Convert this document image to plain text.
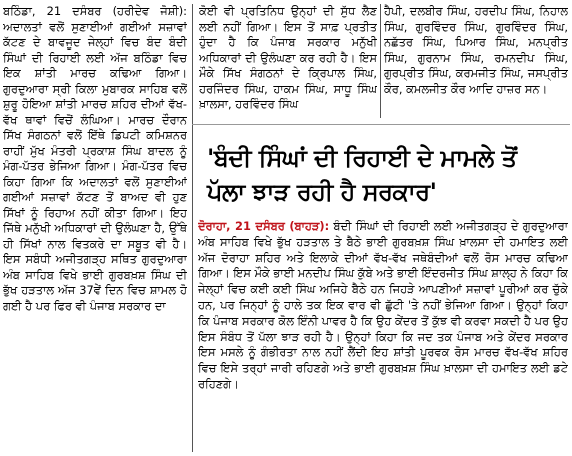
ਬਠਿੰਡਾ, 21 ਦਸੰਬਰ (ਹਰੀਦੇਵ ਜੋਸ਼ੀ): ਅਦਾਲਤਾਂ ਵਲੋਂ ਸੁਣਾਈਆਂ ਗਈਆਂ ਸਜ਼ਾਵਾਂ ਕੱਟਣ ਦੇ ਬਾਵਜੂਦ ਜੇਲ੍ਹਾਂ ਵਿਚ ਬੰਦ ਬੰਦੀ ਸਿੰਘਾਂ ਦੀ ਰਿਹਾਈ ਲਈ ਅੱਜ ਬਠਿੰਡਾ ਵਿਚ ਇਕ ਸ਼ਾਂਤੀ ਮਾਰਚ ਕਢਿਆ ਗਿਆ। ਗੁਰਦੁਆਰਾ ਸ੍ਰੀ ਕਿਲਾ ਮੁਬਾਰਕ ਸਾਹਿਬ ਵਲੋਂ ਸ਼ੁਰੂ ਹੋਇਆ ਸ਼ਾਂਤੀ ਮਾਰਚ ਸ਼ਹਿਰ ਦੀਆਂ ਵੱਖ-ਵੱਖ ਥਾਵਾਂ ਵਿਚੋਂ ਲੰਘਿਆ। ਮਾਰਚ ਦੌਰਾਨ ਸਿੱਖ ਸੰਗਠਨਾਂ ਵਲੋਂ ਇੱਥੇ ਡਿਪਟੀ ਕਮਿਸ਼ਨਰ ਰਾਹੀਂ ਮੁੱਖ ਮੰਤਰੀ ਪ੍ਰਕਾਸ਼ ਸਿੰਘ ਬਾਦਲ ਨੂੰ ਮੰਗ-ਪੱਤਰ ਭੇਜਿਆ ਗਿਆ। ਮੰਗ-ਪੱਤਰ ਵਿਚ ਕਿਹਾ ਗਿਆ ਕਿ ਅਦਾਲਤਾਂ ਵਲੋਂ ਸੁਣਾਈਆਂ ਗਈਆਂ ਸਜ਼ਾਵਾਂ ਕੱਟਣ ਤੋਂ ਬਾਅਦ ਵੀ ਹੁਣ ਸਿੱਖਾਂ ਨੂੰ ਰਿਹਾਅ ਨਹੀਂ ਕੀਤਾ ਗਿਆ। ਇਹ ਜਿੱਥੇ ਮਨੁੱਖੀ ਅਧਿਕਾਰਾਂ ਦੀ ਉਲੰਘਣਾ ਹੈ, ਉੱਥੇ ਹੀ ਸਿੱਖਾਂ ਨਾਲ ਵਿਤਕਰੇ ਦਾ ਸਬੂਤ ਵੀ ਹੈ। ਇਸ ਸਬੰਧੀ ਅਜੀਤਗੜ੍ਹ ਸਥਿਤ ਗੁਰਦੁਆਰਾ ਅੰਬ ਸਾਹਿਬ ਵਿਖੇ ਭਾਈ ਗੁਰਬਖ਼ਸ਼ ਸਿੰਘ ਦੀ ਭੁੱਖ ਹੜਤਾਲ ਅੱਜ 37ਵੇਂ ਦਿਨ ਵਿਚ ਸ਼ਾਮਲ ਹੋ ਗਈ ਹੈ ਪਰ ਫਿਰ ਵੀ ਪੰਜਾਬ ਸਰਕਾਰ ਦਾ

ਕੋਈ ਵੀ ਪ੍ਰਤਿਨਿਧ ਉਨ੍ਹਾਂ ਦੀ ਸੁੱਧ ਲੈਣ ਲਈ ਨਹੀਂ ਗਿਆ। ਇਸ ਤੋਂ ਸਾਫ਼ ਪ੍ਰਤੀਤ ਹੁੰਦਾ ਹੈ ਕਿ ਪੰਜਾਬ ਸਰਕਾਰ ਮਨੁੱਖੀ ਅਧਿਕਾਰਾਂ ਦੀ ਉਲੰਘਣਾ ਕਰ ਰਹੀ ਹੈ। ਇਸ ਮੌਕੇ ਸਿੱਖ ਸੰਗਠਨਾਂ ਦੇ ਕ੍ਰਿਪਾਲ ਸਿੰਘ, ਹਰਜਿੰਦਰ ਸਿੰਘ, ਹਾਕਮ ਸਿੰਘ, ਸਾਧੂ ਸਿੰਘ ਖ਼ਾਲਸਾ, ਹਰਵਿੰਦਰ ਸਿੰਘ

ਹੈਪੀ, ਦਲਬੀਰ ਸਿੰਘ, ਹਰਦੀਪ ਸਿੰਘ, ਨਿਹਾਲ ਸਿੰਘ, ਗੁਰਵਿੰਦਰ ਸਿੰਘ, ਗੁਰਵਿੰਦਰ ਸਿੰਘ, ਨਛੱਤਰ ਸਿੰਘ, ਪਿਆਰ ਸਿੰਘ, ਮਨਪ੍ਰੀਤ ਸਿੰਘ, ਗੁਰਨਾਮ ਸਿੰਘ, ਰਮਨਦੀਪ ਸਿੰਘ, ਗੁਰਪ੍ਰੀਤ ਸਿੰਘ, ਕਰਮਜੀਤ ਸਿੰਘ, ਜਸਪ੍ਰੀਤ ਕੌਰ, ਕਮਲਜੀਤ ਕੌਰ ਆਦਿ ਹਾਜ਼ਰ ਸਨ।

'ਬੰਦੀ ਸਿੰਘਾਂ ਦੀ ਰਿਹਾਈ ਦੇ ਮਾਮਲੇ ਤੋਂ ਪੱਲਾ ਝਾੜ ਰਹੀ ਹੈ ਸਰਕਾਰ'
ਦੋਰਾਹਾ, 21 ਦਸੰਬਰ (ਬਾਹੜ): ਬੰਦੀ ਸਿੰਘਾਂ ਦੀ ਰਿਹਾਈ ਲਈ ਅਜੀਤਗੜ੍ਹ ਦੇ ਗੁਰਦੁਆਰਾ ਅੰਬ ਸਾਹਿਬ ਵਿਖੇ ਭੁੱਖ ਹੜਤਾਲ ਤੇ ਬੈਠੇ ਭਾਈ ਗੁਰਬਖ਼ਸ਼ ਸਿੰਘ ਖ਼ਾਲਸਾ ਦੀ ਹਮਾਇਤ ਲਈ ਅੱਜ ਦੋਰਾਹਾ ਸ਼ਹਿਰ ਅਤੇ ਇਲਾਕੇ ਦੀਆਂ ਵੱਖ-ਵੱਖ ਜਥੇਬੰਦੀਆਂ ਵਲੋਂ ਰੋਸ ਮਾਰਚ ਕਢਿਆ ਗਿਆ। ਇਸ ਮੌਕੇ ਭਾਈ ਮਨਦੀਪ ਸਿੰਘ ਕੁੱਬੇ ਅਤੇ ਭਾਈ ਇੰਦਰਜੀਤ ਸਿੰਘ ਸ਼ਾਲ੍ਹ ਨੇ ਕਿਹਾ ਕਿ ਜੇਲ੍ਹਾਂ ਵਿਚ ਕਈ ਕਈ ਸਿੰਘ ਅਜਿਹੇ ਬੈਠੇ ਹਨ ਜਿਹੜੇ ਆਪਣੀਆਂ ਸਜ਼ਾਵਾਂ ਪੂਰੀਆਂ ਕਰ ਚੁੱਕੇ ਹਨ, ਪਰ ਜਿਨ੍ਹਾਂ ਨੂੰ ਹਾਲੇ ਤਕ ਇਕ ਵਾਰ ਵੀ ਛੁੱਟੀ 'ਤੇ ਨਹੀਂ ਭੇਜਿਆ ਗਿਆ। ਉਨ੍ਹਾਂ ਕਿਹਾ ਕਿ ਪੰਜਾਬ ਸਰਕਾਰ ਕੋਲ ਇੰਨੀ ਪਾਵਰ ਹੈ ਕਿ ਉਹ ਕੇਂਦਰ ਤੋਂ ਕੁੱਝ ਵੀ ਕਰਵਾ ਸਕਦੀ ਹੈ ਪਰ ਉਹ ਇਸ ਸੰਬੰਧ ਤੋਂ ਪੱਲਾ ਝਾੜ ਰਹੀ ਹੈ। ਉਨ੍ਹਾਂ ਕਿਹਾ ਕਿ ਜਦ ਤਕ ਪੰਜਾਬ ਅਤੇ ਕੇਂਦਰ ਸਰਕਾਰ ਇਸ ਮਸਲੇ ਨੂੰ ਗੰਭੀਰਤਾ ਨਾਲ ਨਹੀਂ ਲੈਂਦੀ ਇਹ ਸ਼ਾਂਤੀ ਪੂਰਵਕ ਰੋਸ ਮਾਰਚ ਵੱਖ-ਵੱਖ ਸ਼ਹਿਰ ਵਿਚ ਇਸੇ ਤਰ੍ਹਾਂ ਜਾਰੀ ਰਹਿਣਗੇ ਅਤੇ ਭਾਈ ਗੁਰਬਖ਼ਸ਼ ਸਿੰਘ ਖ਼ਾਲਸਾ ਦੀ ਹਮਾਇਤ ਲਈ ਡਟੇ ਰਹਿਣਗੇ।
